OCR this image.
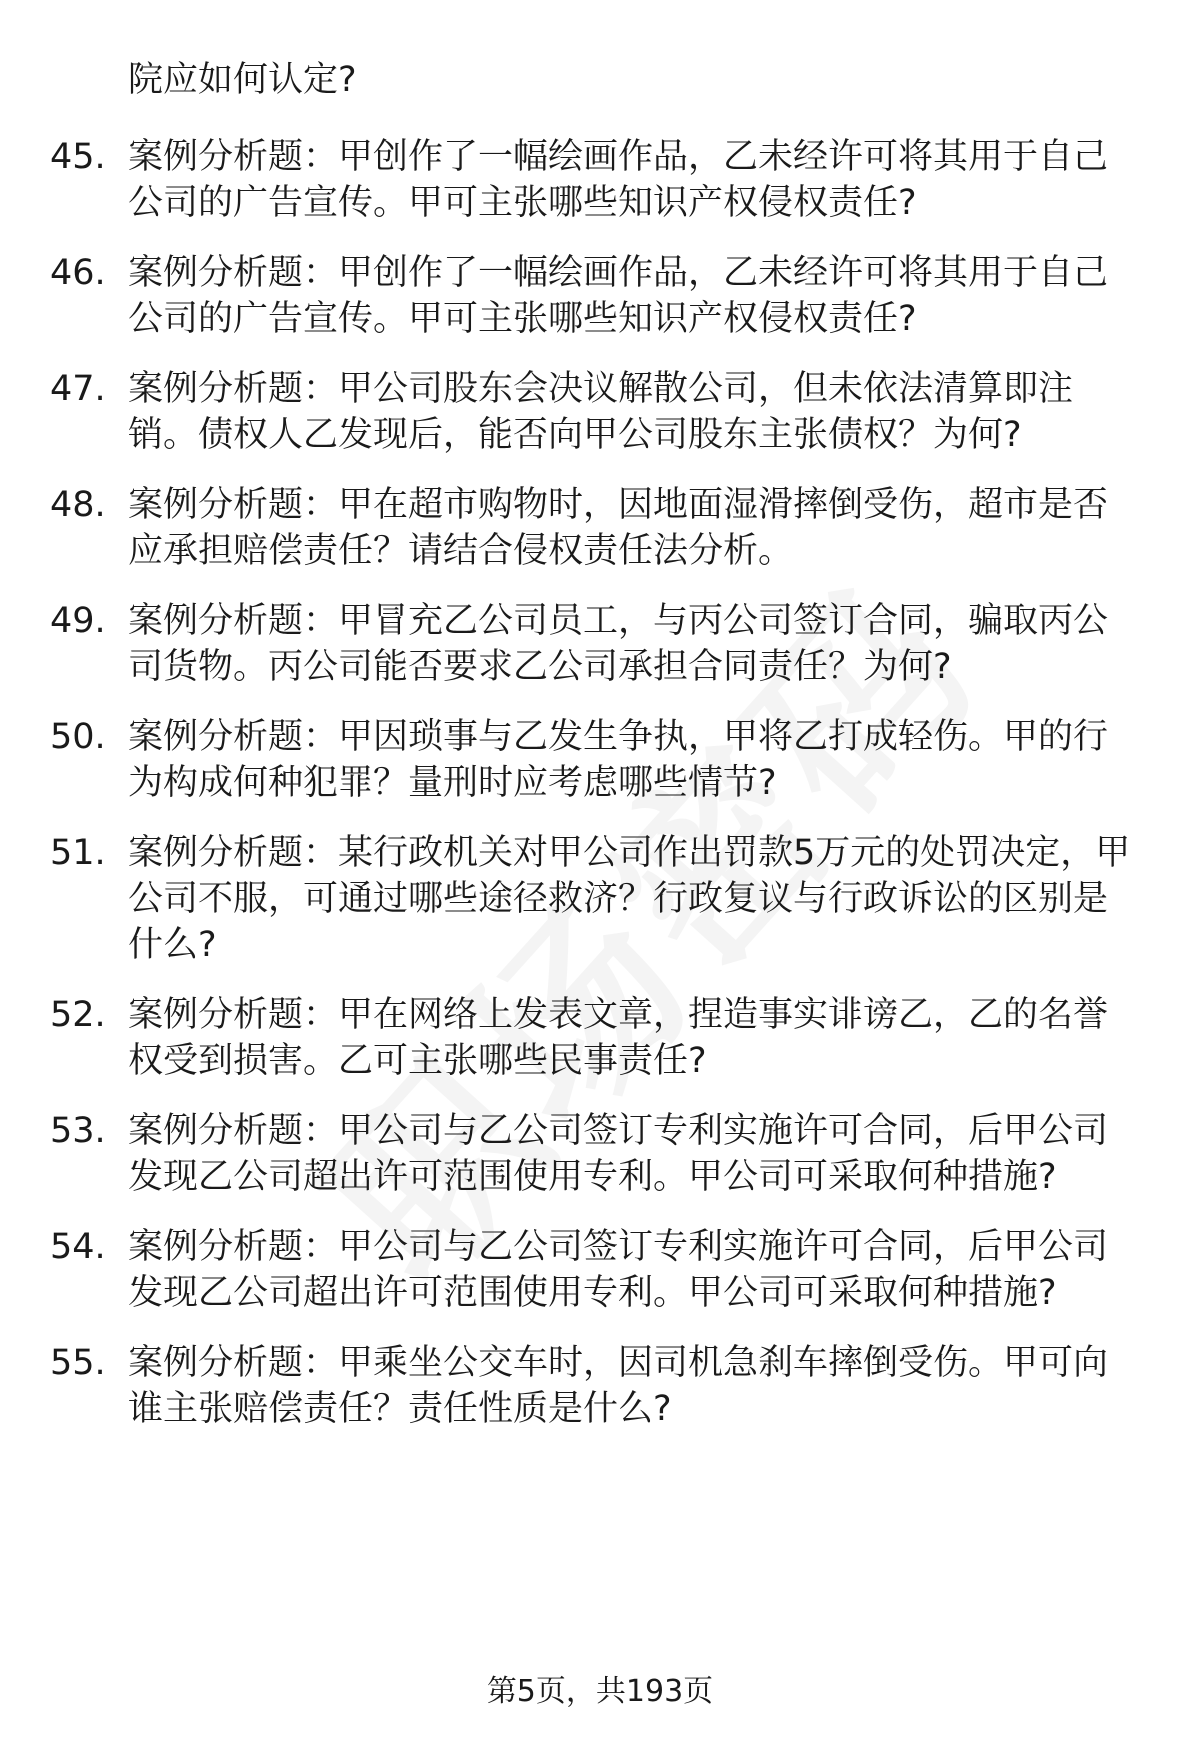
院应如何认定?
45. 案例分析题：甲创作了一幅绘画作品，乙未经许可将其用于自己
公司的广告宣传。甲可主张哪些知识产权侵权责任?
46. 案例分析题：甲创作了一幅绘画作品，乙未经许可将其用于自己
公司的广告宣传。甲可主张哪些知识产权侵权责任?
47. 案例分析题：甲公司股东会决议解散公司，但未依法清算即注
销。债权人乙发现后，能否向甲公司股东主张债权？为何?
48. 案例分析题：甲在超市购物时，因地面湿滑摔倒受伤，超市是否
应承担赔偿责任？请结合侵权责任法分析。
49. 案例分析题：甲冒充乙公司员工，与丙公司签订合同，骗取丙公
司货物。丙公司能否要求乙公司承担合同责任？为何?
50. 案例分析题：甲因琐事与乙发生争执，甲将乙打成轻伤。甲的行
为构成何种犯罪？量刑时应考虑哪些情节?
51. 案例分析题：某行政机关对甲公司作出罚款5万元的处罚决定，甲
公司不服，可通过哪些途径救济？行政复议与行政诉讼的区别是
什么?
52. 案例分析题：甲在网络上发表文章，捏造事实诽谤乙，乙的名誉
权受到损害。乙可主张哪些民事责任?
53. 案例分析题：甲公司与乙公司签订专利实施许可合同，后甲公司
发现乙公司超出许可范围使用专利。甲公司可采取何种措施?
54. 案例分析题：甲公司与乙公司签订专利实施许可合同，后甲公司
发现乙公司超出许可范围使用专利。甲公司可采取何种措施?
55. 案例分析题：甲乘坐公交车时，因司机急刹车摔倒受伤。甲可向
谁主张赔偿责任？责任性质是什么?
第5页，共193页
